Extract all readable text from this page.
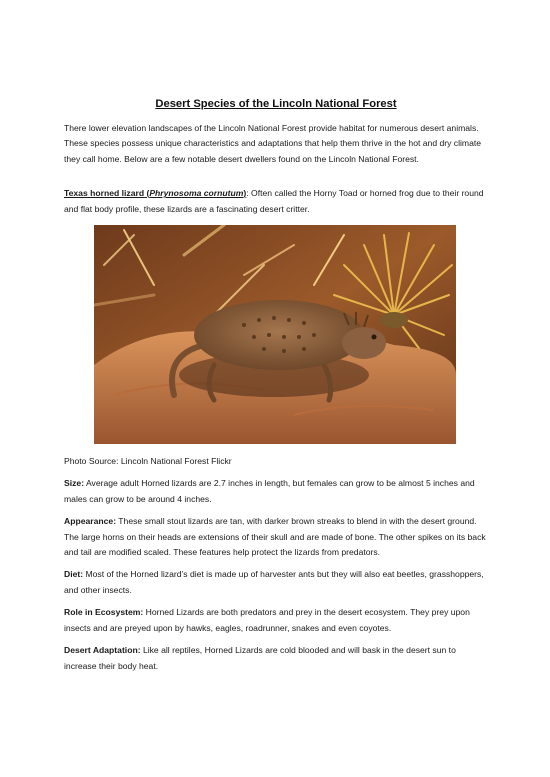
Desert Species of the Lincoln National Forest

There lower elevation landscapes of the Lincoln National Forest provide habitat for numerous desert animals. These species possess unique characteristics and adaptations that help them thrive in the hot and dry climate they call home. Below are a few notable desert dwellers found on the Lincoln National Forest.

Texas horned lizard (Phrynosoma cornutum): Often called the Horny Toad or horned frog due to their round and flat body profile, these lizards are a fascinating desert critter.

Photo Source: Lincoln National Forest Flickr

Size: Average adult Horned lizards are 2.7 inches in length, but females can grow to be almost 5 inches and males can grow to be around 4 inches.

Appearance: These small stout lizards are tan, with darker brown streaks to blend in with the desert ground. The large horns on their heads are extensions of their skull and are made of bone. The other spikes on its back and tail are modified scaled. These features help protect the lizards from predators.

Diet: Most of the Horned lizard’s diet is made up of harvester ants but they will also eat beetles, grasshoppers, and other insects.

Role in Ecosystem: Horned Lizards are both predators and prey in the desert ecosystem. They prey upon insects and are preyed upon by hawks, eagles, roadrunner, snakes and even coyotes.

Desert Adaptation: Like all reptiles, Horned Lizards are cold blooded and will bask in the desert sun to increase their body heat.
